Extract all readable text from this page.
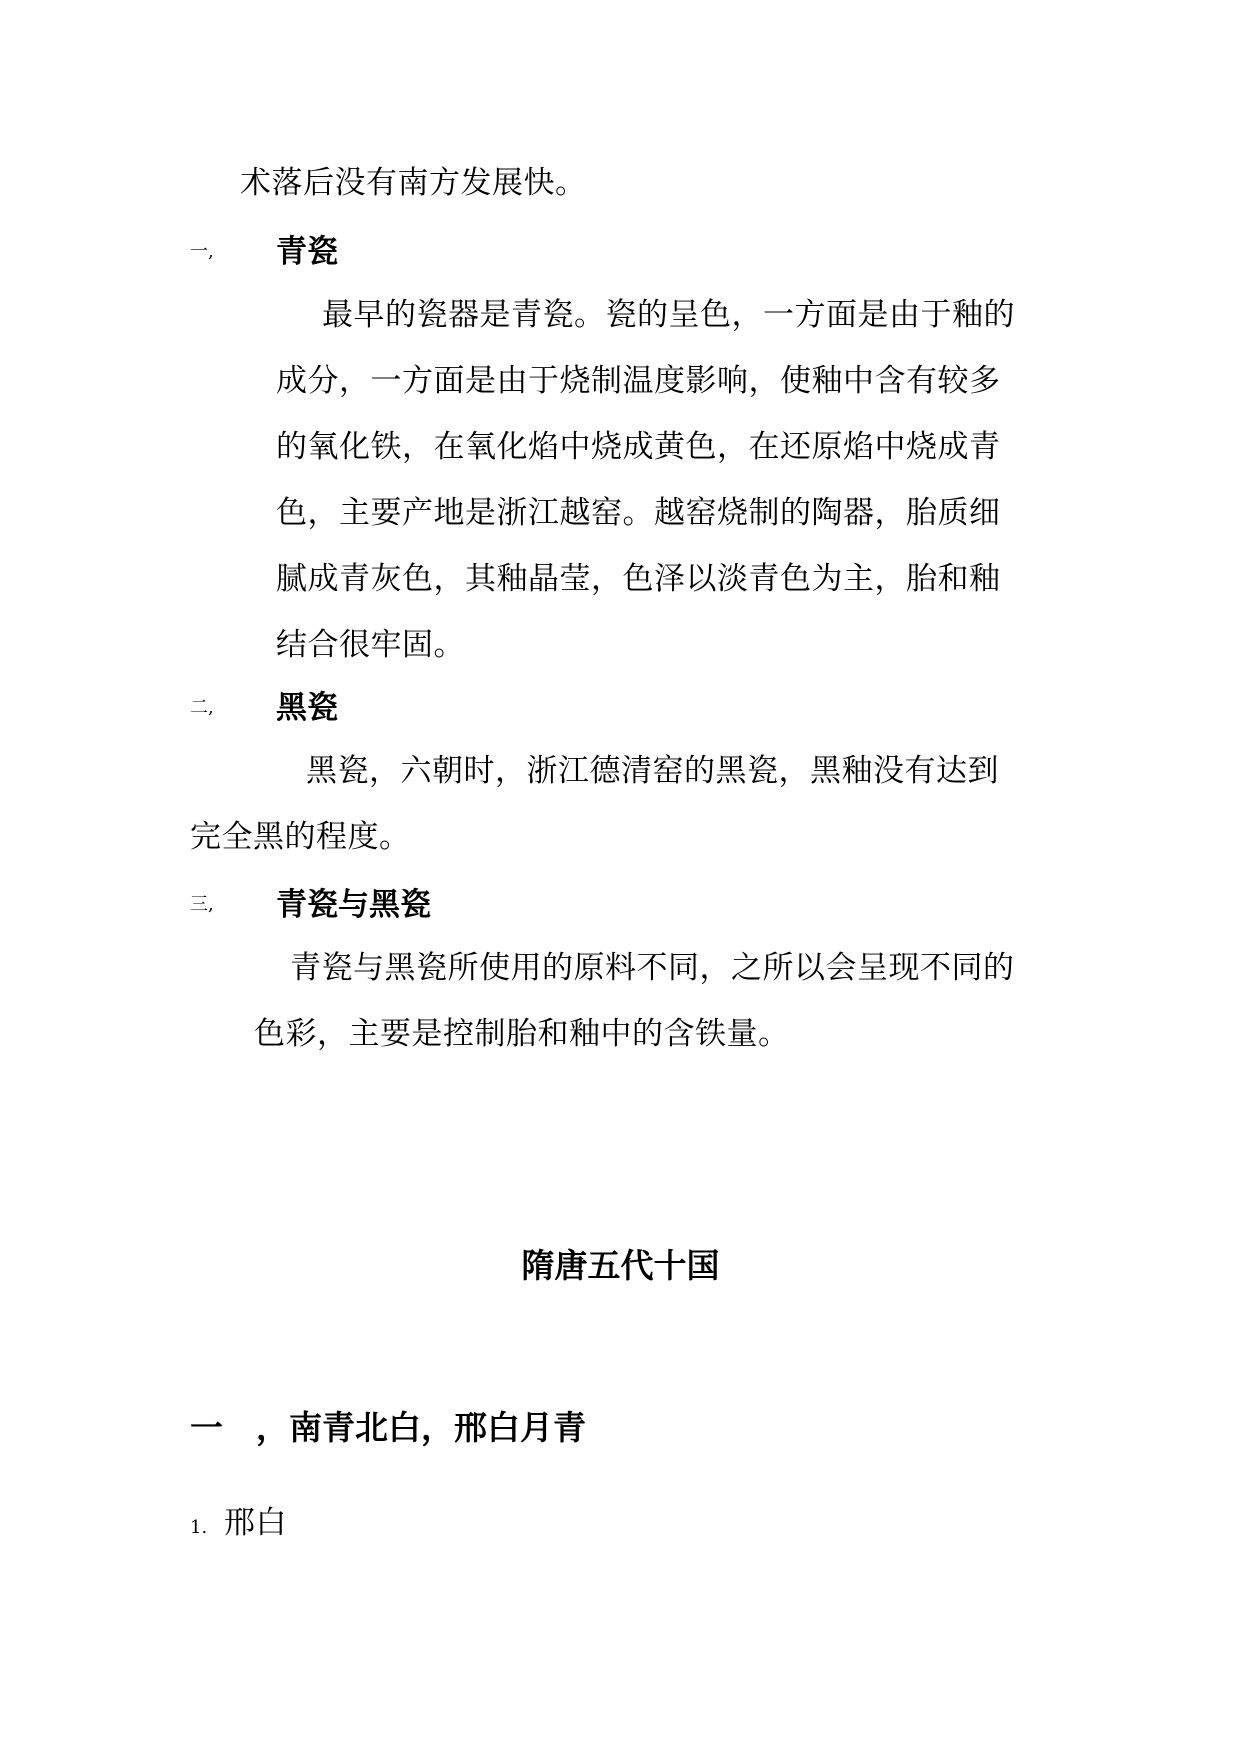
术落后没有南方发展快。
一, 青瓷
最早的瓷器是青瓷。瓷的呈色，一方面是由于釉的
成分，一方面是由于烧制温度影响，使釉中含有较多
的氧化铁，在氧化焰中烧成黄色，在还原焰中烧成青
色，主要产地是浙江越窑。越窑烧制的陶器，胎质细
腻成青灰色，其釉晶莹，色泽以淡青色为主，胎和釉
结合很牢固。
二, 黑瓷
黑瓷，六朝时，浙江德清窑的黑瓷，黑釉没有达到
完全黑的程度。
三, 青瓷与黑瓷
青瓷与黑瓷所使用的原料不同，之所以会呈现不同的
色彩，主要是控制胎和釉中的含铁量。
隋唐五代十国
一　，南青北白，邢白月青
1. 邢白
